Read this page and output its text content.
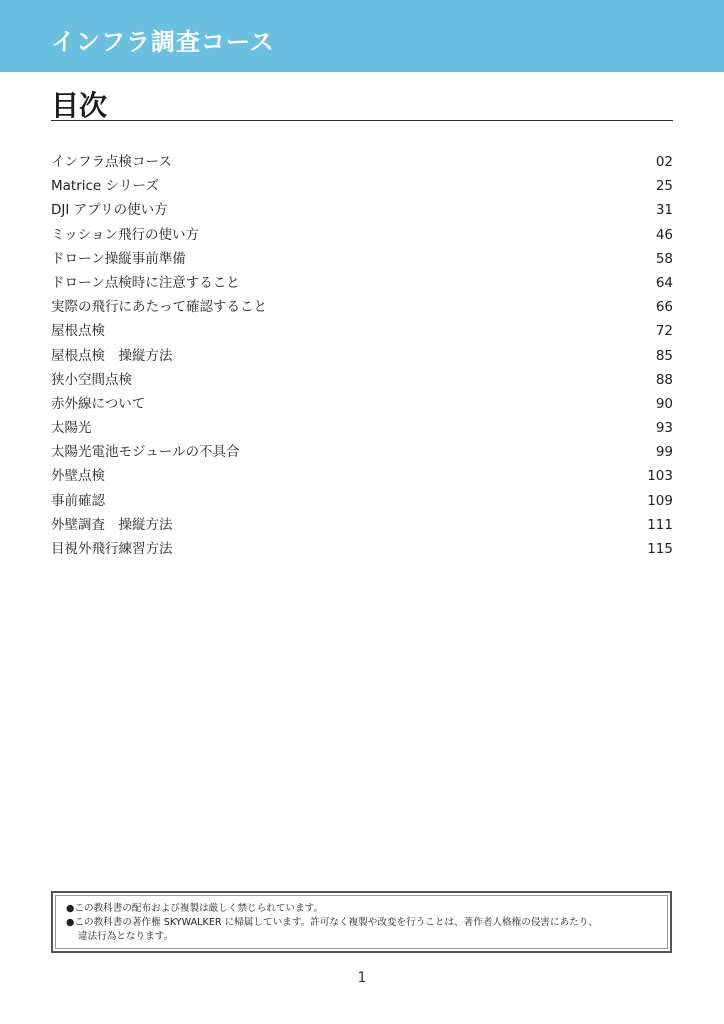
インフラ調査コース
目次
インフラ点検コース	02
Matrice シリーズ	25
DJI アプリの使い方	31
ミッション飛行の使い方	46
ドローン操縦事前準備	58
ドローン点検時に注意すること	64
実際の飛行にあたって確認すること	66
屋根点検	72
屋根点検　操縦方法	85
狭小空間点検	88
赤外線について	90
太陽光	93
太陽光電池モジュールの不具合	99
外壁点検	103
事前確認	109
外壁調査　操縦方法	111
目視外飛行練習方法	115
●この教科書の配布および複製は厳しく禁じられています。
●この教科書の著作権 SKYWALKER に帰属しています。許可なく複製や改変を行うことは、著作者人格権の侵害にあたり、
違法行為となります。
1
